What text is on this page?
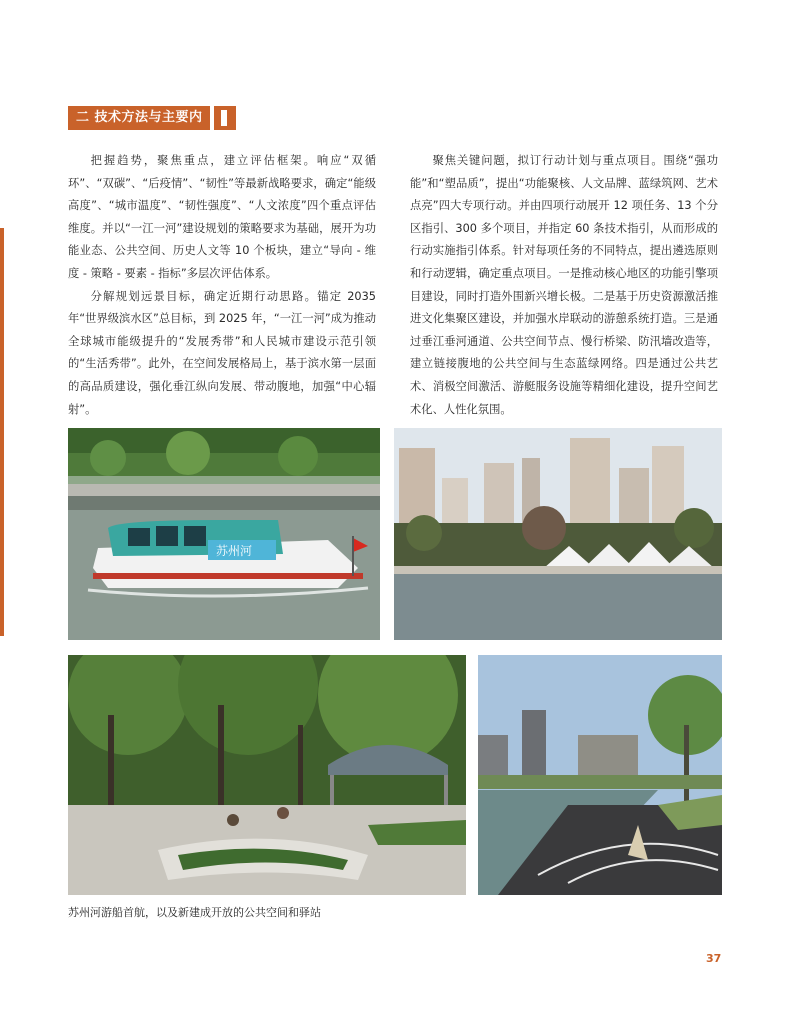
二 技术方法与主要内容

把握趋势，聚焦重点，建立评估框架。响应“双循环”、“双碳”、“后疫情”、“韧性”等最新战略要求，确定“能级高度”、“城市温度”、“韧性强度”、“人文浓度”四个重点评估维度。并以“一江一河”建设规划的策略要求为基础，展开为功能业态、公共空间、历史人文等 10 个板块，建立“导向 - 维度 - 策略 - 要素 - 指标”多层次评估体系。

分解规划远景目标，确定近期行动思路。锚定 2035 年“世界级滨水区”总目标，到 2025 年，“一江一河”成为推动全球城市能级提升的“发展秀带”和人民城市建设示范引领的“生活秀带”。此外，在空间发展格局上，基于滨水第一层面的高品质建设，强化垂江纵向发展、带动腹地，加强“中心辐射”。

聚焦关键问题，拟订行动计划与重点项目。围绕“强功能”和“塑品质”，提出“功能聚核、人文品牌、蓝绿筑网、艺术点亮”四大专项行动。并由四项行动展开 12 项任务、13 个分区指引、300 多个项目，并指定 60 条技术指引，从而形成的行动实施指引体系。针对每项任务的不同特点，提出遴选原则和行动逻辑，确定重点项目。一是推动核心地区的功能引擎项目建设，同时打造外围新兴增长极。二是基于历史资源激活推进文化集聚区建设，并加强水岸联动的游憩系统打造。三是通过垂江垂河通道、公共空间节点、慢行桥梁、防汛墙改造等，建立链接腹地的公共空间与生态蓝绿网络。四是通过公共艺术、消极空间激活、游艇服务设施等精细化建设，提升空间艺术化、人性化氛围。

苏州河
苏州河游船首航，以及新建成开放的公共空间和驿站
37
